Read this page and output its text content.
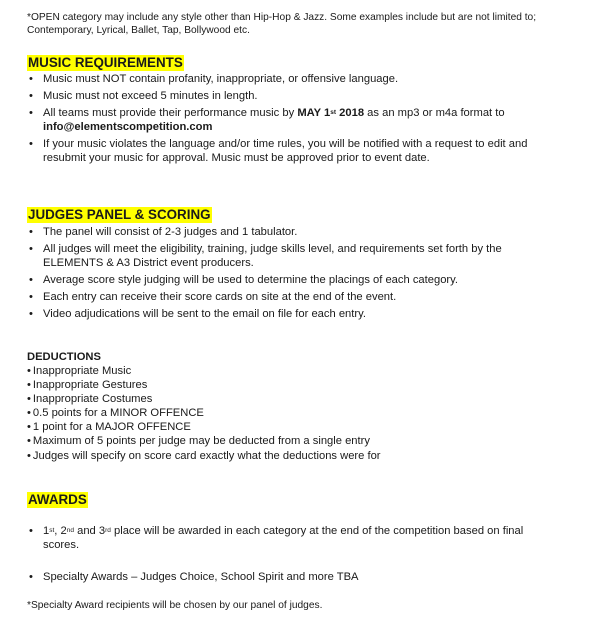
*OPEN category may include any style other than Hip-Hop & Jazz. Some examples include but are not limited to; Contemporary, Lyrical, Ballet, Tap, Bollywood etc.
MUSIC REQUIREMENTS
• Music must NOT contain profanity, inappropriate, or offensive language.
• Music must not exceed 5 minutes in length.
• All teams must provide their performance music by MAY 1st 2018 as an mp3 or m4a format to info@elementscompetition.com
• If your music violates the language and/or time rules, you will be notified with a request to edit and resubmit your music for approval. Music must be approved prior to event date.
JUDGES PANEL & SCORING
• The panel will consist of 2-3 judges and 1 tabulator.
• All judges will meet the eligibility, training, judge skills level, and requirements set forth by the ELEMENTS & A3 District event producers.
• Average score style judging will be used to determine the placings of each category.
• Each entry can receive their score cards on site at the end of the event.
• Video adjudications will be sent to the email on file for each entry.
DEDUCTIONS
• Inappropriate Music
• Inappropriate Gestures
• Inappropriate Costumes
• 0.5 points for a MINOR OFFENCE
• 1 point for a MAJOR OFFENCE
• Maximum of 5 points per judge may be deducted from a single entry
• Judges will specify on score card exactly what the deductions were for
AWARDS
• 1st, 2nd and 3rd place will be awarded in each category at the end of the competition based on final scores.
• Specialty Awards – Judges Choice, School Spirit and more TBA
*Specialty Award recipients will be chosen by our panel of judges.
